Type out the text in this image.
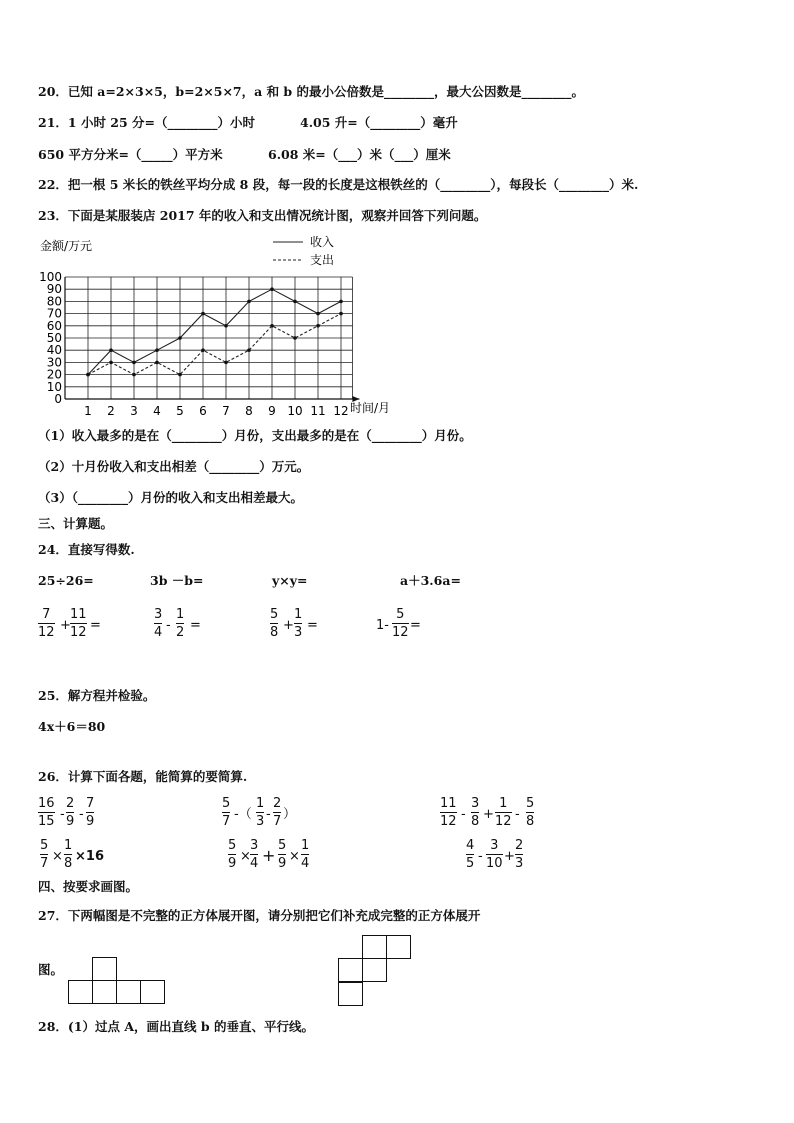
20．已知 a=2×3×5，b=2×5×7，a 和 b 的最小公倍数是________，最大公因数是________。
21．1 小时 25 分=（________）小时	4.05 升=（________）毫升
650 平方分米=（_____）平方米	6.08 米=（___）米（___）厘米
22．把一根 5 米长的铁丝平均分成 8 段，每一段的长度是这根铁丝的（________），每段长（________）米.
23．下面是某服装店 2017 年的收入和支出情况统计图，观察并回答下列问题。
金额/万元
0
10
20
30
40
50
60
70
80
90
100
1 2 3 4 5 6 7 8 9 10 11 12 时间/月
收入
支出
（1）收入最多的是在（________）月份，支出最多的是在（________）月份。
（2）十月份收入和支出相差（________）万元。
（3）（________）月份的收入和支出相差最大。
三、计算题。
24．直接写得数.
25÷26=	3b －b=	y×y=	a＋3.6a=
7
12 +
11
12 =
3
4 -
1
2 =
5
8 +
1
3 =	1-
5
12 =
25．解方程并检验。
4x＋6＝80
26．计算下面各题，能简算的要简算.
16
15 -
2
9 -
7
9
5
7 -（
1
3 -
2
7 ）
11
12 -
3
8 +
1
12 -
5
8
5
7 ×
1
8 ×16
5
9 ×
3
4 +
5
9 ×
1
4
4
5 -
3
10 +
2
3
四、按要求画图。
27．下两幅图是不完整的正方体展开图，请分别把它们补充成完整的正方体展开
图。
28．(1）过点 A，画出直线 b 的垂直、平行线。
